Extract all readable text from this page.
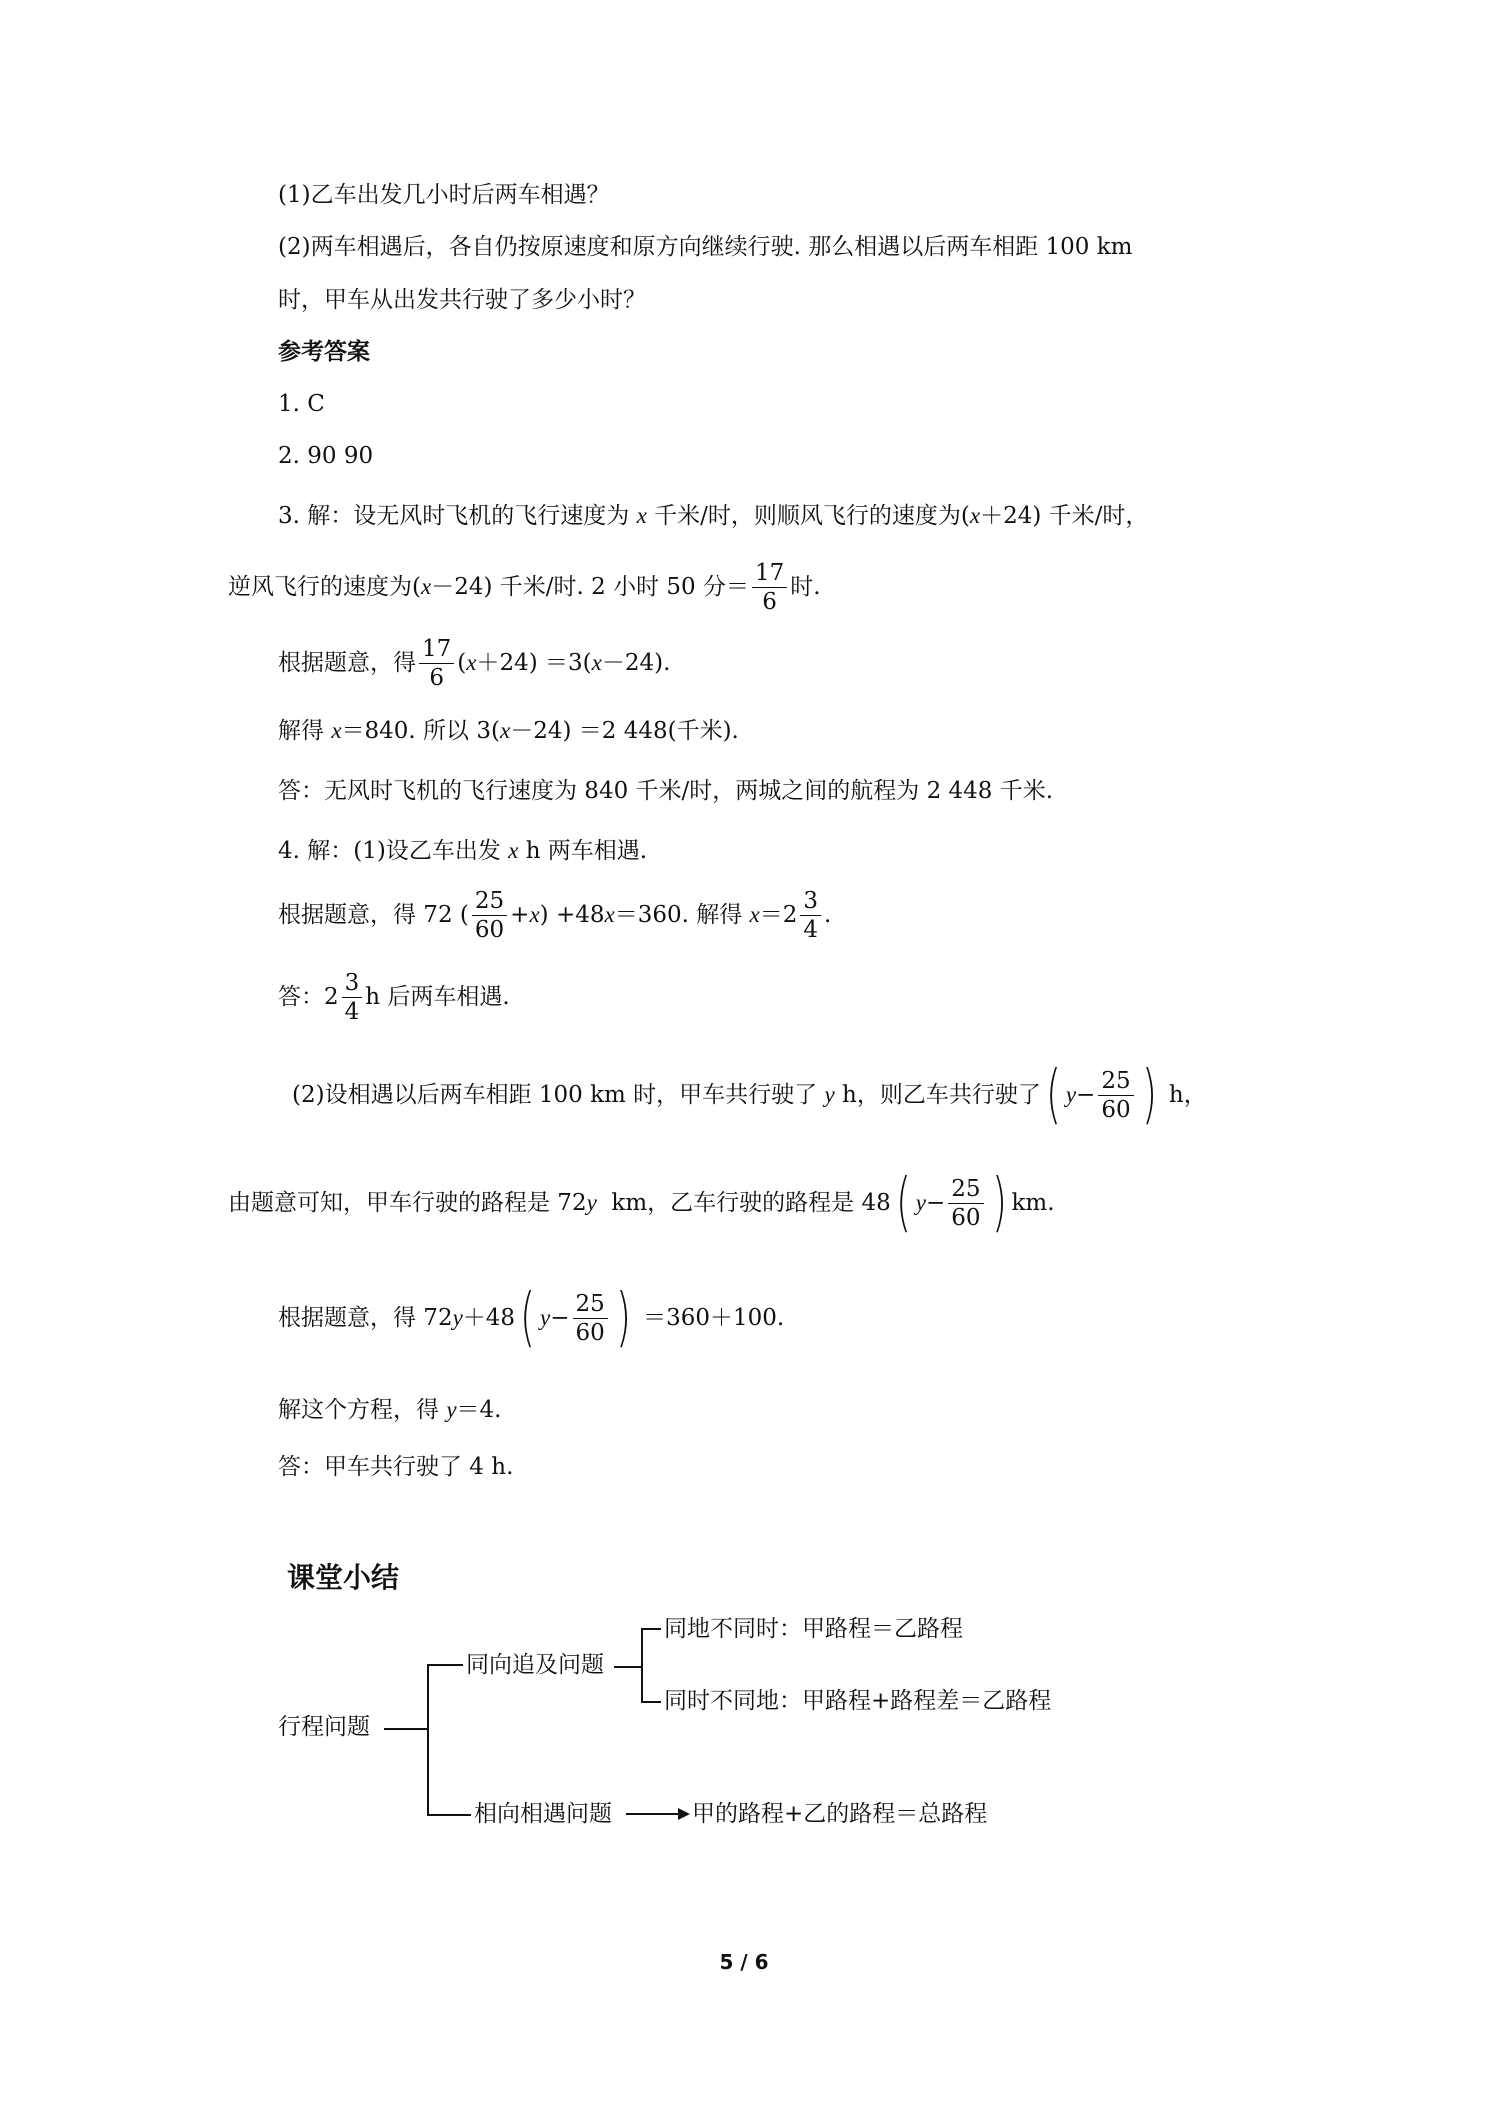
(1)乙车出发几小时后两车相遇？
(2)两车相遇后，各自仍按原速度和原方向继续行驶. 那么相遇以后两车相距 100 km
时，甲车从出发共行驶了多少小时？
参考答案
1. C
2. 90 90
3. 解：设无风时飞机的飞行速度为 x 千米/时，则顺风飞行的速度为(x＋24) 千米/时，
逆风飞行的速度为( x －24) 千米/时. 2 小时 50 分＝ $\frac{17}{6}$ 时.
根据题意，得 $\frac{17}{6}$ ( x ＋24) ＝3( x －24).
解得 x＝840. 所以 3(x－24) ＝2 448(千米).
答：无风时飞机的飞行速度为 840 千米/时，两城之间的航程为 2 448 千米.
4. 解：(1)设乙车出发 x h 两车相遇.
根据题意，得 72 ( $\frac{25}{60} + x$ ) +48 x ＝360. 解得
$x =2 \frac{3}{4}$ .
答：$2 \frac{3}{4}$ h 后两车相遇.
(2)设相遇以后两车相距 100 km 时，甲车共行驶了
y
h，则乙车共行驶了 ( $y - \frac{25}{60}$ )
h，
由题意可知，甲车行驶的路程是 72 y
km，乙车行驶的路程是 48 ( $y - \frac{25}{60}$ ) km.
根据题意，得 72 y ＋48 ( $y - \frac{25}{60}$ )
＝360＋100.
解这个方程，得 y＝4.
答：甲车共行驶了 4 h.
课堂小结
行程问题
同向追及问题
同地不同时：甲路程＝乙路程
同时不同地：甲路程+路程差＝乙路程
相向相遇问题	甲的路程+乙的路程＝总路程
5 / 6
